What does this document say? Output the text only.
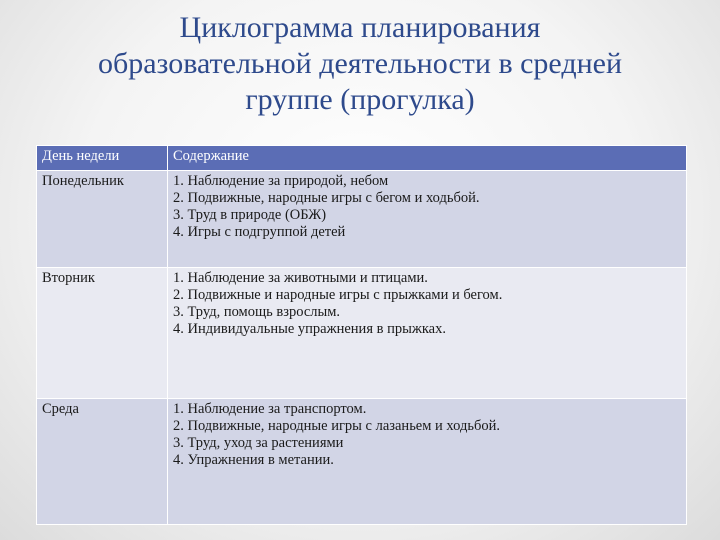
Циклограмма планирования
образовательной деятельности в средней
группе (прогулка)
День недели	Содержание
Понедельник	1. Наблюдение за природой, небом
2. Подвижные, народные игры с бегом и ходьбой.
3. Труд в природе (ОБЖ)
4. Игры с подгруппой детей

Вторник	1. Наблюдение за животными и птицами.
2. Подвижные и народные игры с прыжками и бегом.
3. Труд, помощь взрослым.
4. Индивидуальные упражнения в прыжках.

Среда	1. Наблюдение за транспортом.
2. Подвижные, народные игры с лазаньем и ходьбой.
3. Труд, уход за растениями
4. Упражнения в метании.
